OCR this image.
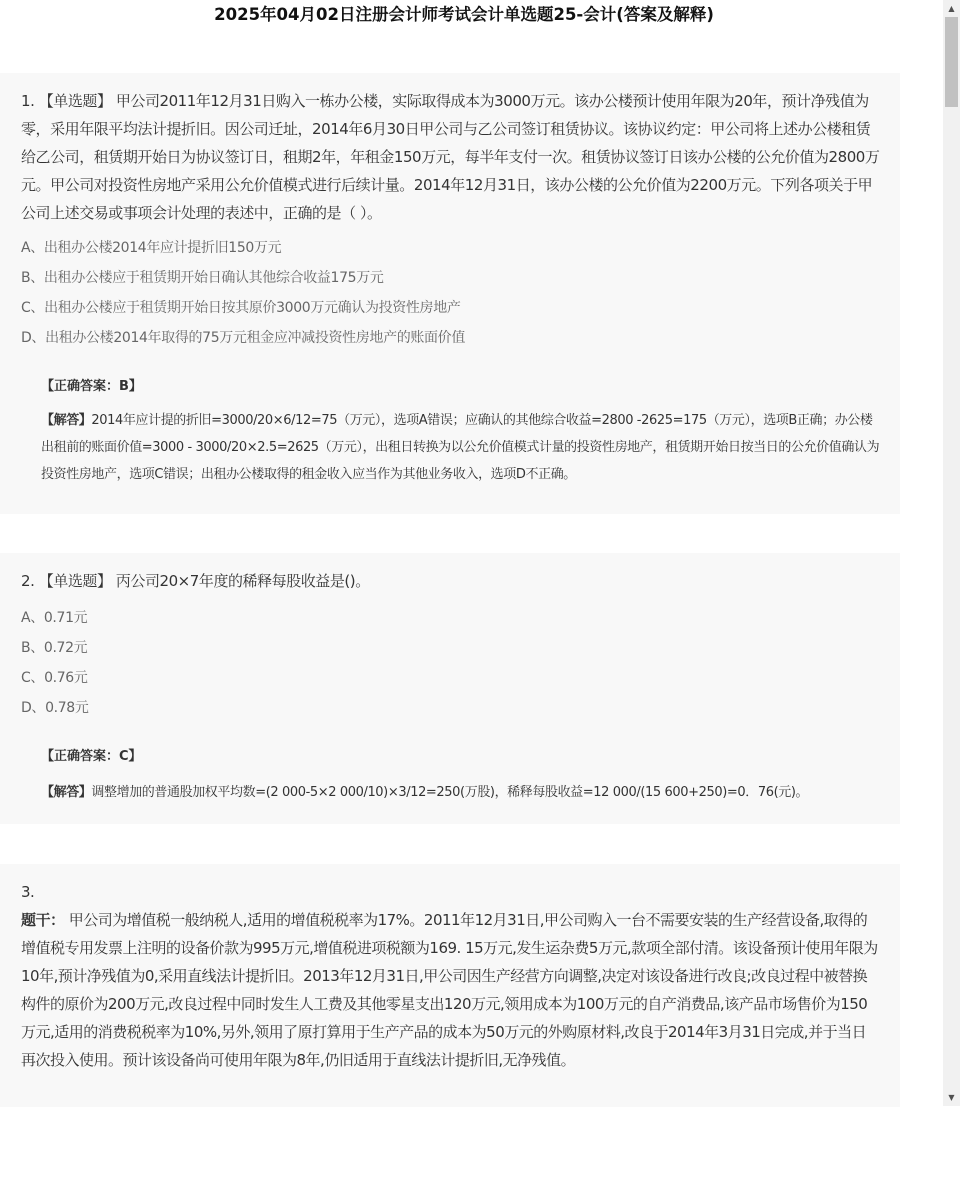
2025年04月02日注册会计师考试会计单选题25-会计(答案及解释)

1. 【单选题】 甲公司2011年12月31日购入一栋办公楼，实际取得成本为3000万元。该办公楼预计使用年限为20年，预计净残值为零，采用年限平均法计提折旧。因公司迁址，2014年6月30日甲公司与乙公司签订租赁协议。该协议约定：甲公司将上述办公楼租赁给乙公司，租赁期开始日为协议签订日，租期2年，年租金150万元，每半年支付一次。租赁协议签订日该办公楼的公允价值为2800万元。甲公司对投资性房地产采用公允价值模式进行后续计量。2014年12月31日，该办公楼的公允价值为2200万元。下列各项关于甲公司上述交易或事项会计处理的表述中，正确的是（ ）。

A、出租办公楼2014年应计提折旧150万元
B、出租办公楼应于租赁期开始日确认其他综合收益175万元
C、出租办公楼应于租赁期开始日按其原价3000万元确认为投资性房地产
D、出租办公楼2014年取得的75万元租金应冲减投资性房地产的账面价值
【正确答案：B】
【解答】2014年应计提的折旧=3000/20×6/12=75（万元），选项A错误；应确认的其他综合收益=2800 -2625=175（万元），选项B正确；办公楼出租前的账面价值=3000 - 3000/20×2.5=2625（万元），出租日转换为以公允价值模式计量的投资性房地产，租赁期开始日按当日的公允价值确认为投资性房地产，选项C错误；出租办公楼取得的租金收入应当作为其他业务收入，选项D不正确。

2. 【单选题】 丙公司20×7年度的稀释每股收益是()。

A、0.71元
B、0.72元
C、0.76元
D、0.78元
【正确答案：C】
【解答】调整增加的普通股加权平均数=(2 000-5×2 000/10)×3/12=250(万股)，稀释每股收益=12 000/(15 600+250)=0．76(元)。
3.
题干： 甲公司为增值税一般纳税人,适用的增值税税率为17%。2011年12月31日,甲公司购入一台不需要安装的生产经营设备,取得的增值税专用发票上注明的设备价款为995万元,增值税进项税额为169. 15万元,发生运杂费5万元,款项全部付清。该设备预计使用年限为10年,预计净残值为0,采用直线法计提折旧。2013年12月31日,甲公司因生产经营方向调整,决定对该设备进行改良;改良过程中被替换构件的原价为200万元,改良过程中同时发生人工费及其他零星支出120万元,领用成本为100万元的自产消费品,该产品市场售价为150万元,适用的消费税税率为10%,另外,领用了原打算用于生产产品的成本为50万元的外购原材料,改良于2014年3月31日完成,并于当日再次投入使用。预计该设备尚可使用年限为8年,仍旧适用于直线法计提折旧,无净残值。
▲
▼
